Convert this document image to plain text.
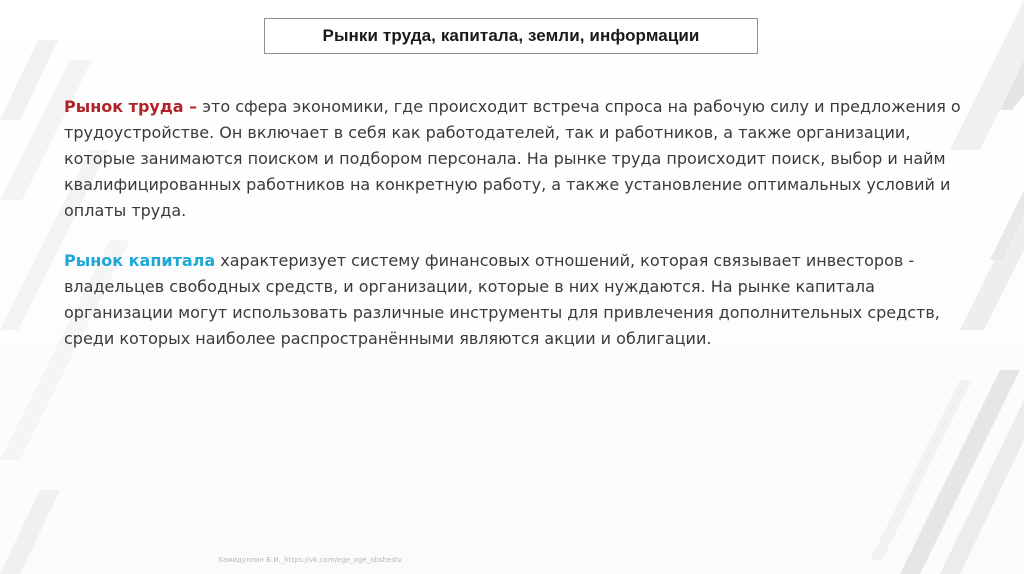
Рынки труда, капитала, земли, информации
Рынок труда – это сфера экономики, где происходит встреча спроса на рабочую силу и предложения о трудоустройстве. Он включает в себя как работодателей, так и работников, а также организации, которые занимаются поиском и подбором персонала. На рынке труда происходит поиск, выбор и найм квалифицированных работников на конкретную работу, а также установление оптимальных условий и оплаты труда.
Рынок капитала характеризует систему финансовых отношений, которая связывает инвесторов - владельцев свободных средств, и организации, которые в них нуждаются. На рынке капитала организации могут использовать различные инструменты для привлечения дополнительных средств, среди которых наиболее распространёнными являются акции и облигации.
Хамидуллин Б.И._https://vk.com/ege_oge_obshestv
